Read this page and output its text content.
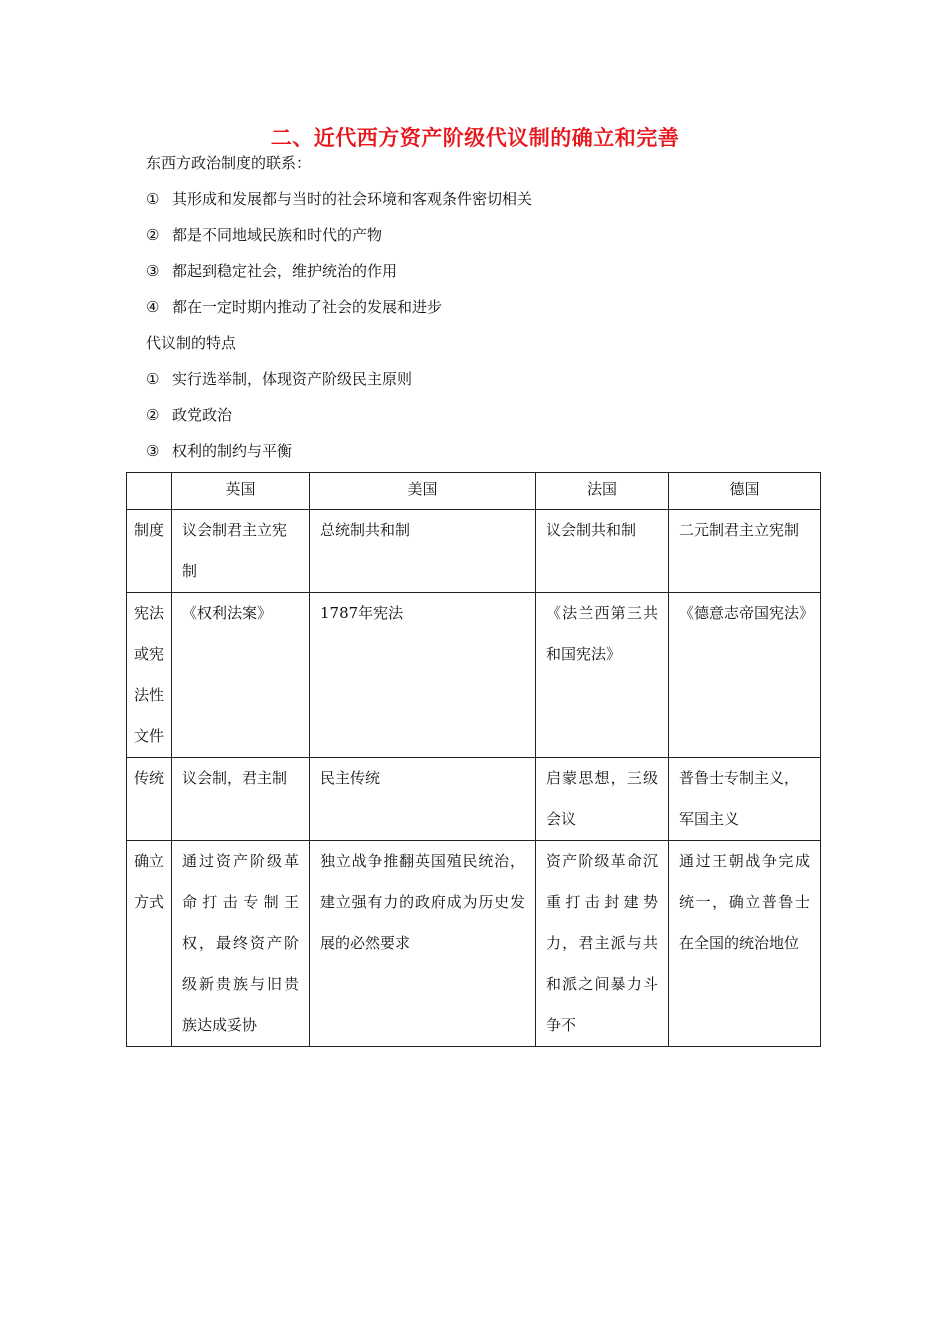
二、近代西方资产阶级代议制的确立和完善
东西方政治制度的联系：
① 其形成和发展都与当时的社会环境和客观条件密切相关
② 都是不同地域民族和时代的产物
③ 都起到稳定社会，维护统治的作用
④ 都在一定时期内推动了社会的发展和进步
代议制的特点
① 实行选举制，体现资产阶级民主原则
② 政党政治
③ 权利的制约与平衡
	英国	美国	法国	德国
制度	议会制君主立宪制	总统制共和制	议会制共和制	二元制君主立宪制
宪法或宪法性文件	《权利法案》	1787年宪法	《法兰西第三共和国宪法》	《德意志帝国宪法》
传统	议会制，君主制	民主传统	启蒙思想，三级会议	普鲁士专制主义，军国主义
确立方式	通过资产阶级革命打击专制王权，最终资产阶级新贵族与旧贵族达成妥协	独立战争推翻英国殖民统治，建立强有力的政府成为历史发展的必然要求	资产阶级革命沉重打击封建势力，君主派与共和派之间暴力斗争不	通过王朝战争完成统一，确立普鲁士在全国的统治地位
